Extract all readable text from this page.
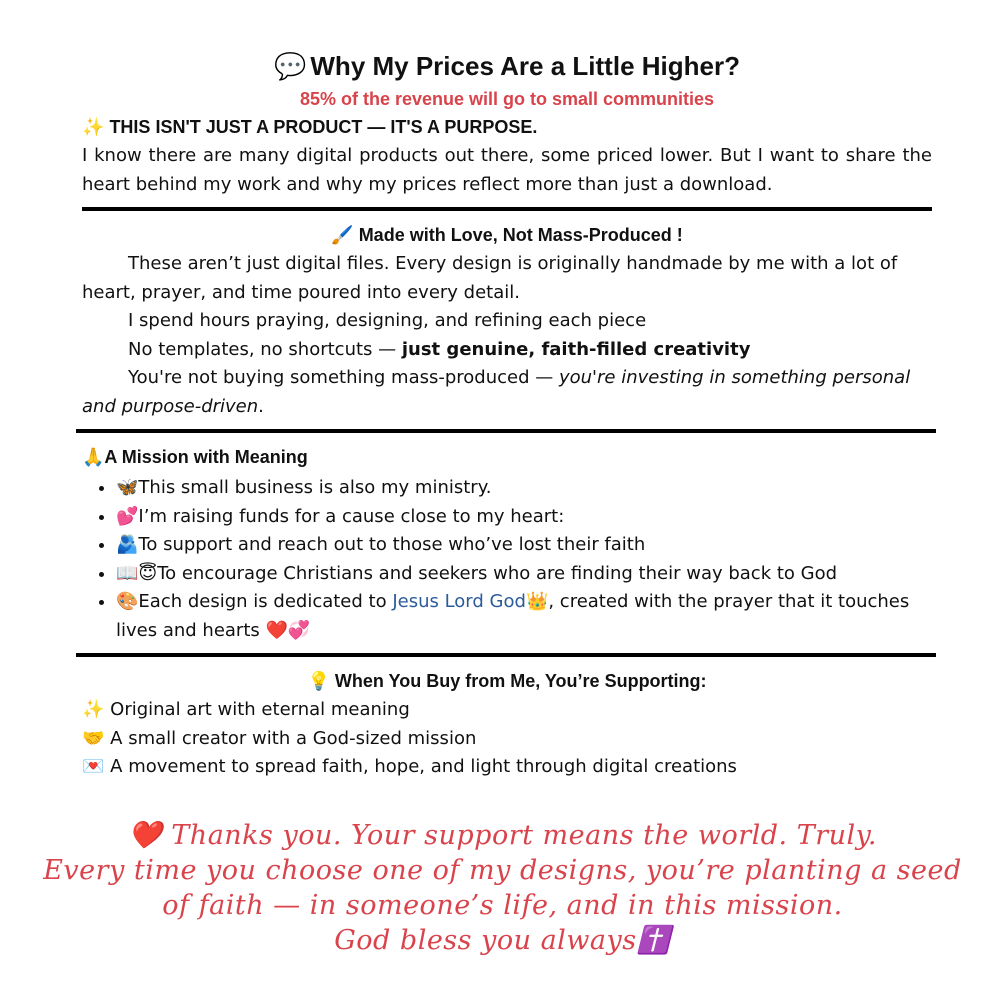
💬 Why My Prices Are a Little Higher?

85% of the revenue will go to small communities

✨ THIS ISN'T JUST A PRODUCT — IT'S A PURPOSE.

I know there are many digital products out there, some priced lower. But I want to share the heart behind my work and why my prices reflect more than just a download.

🖌️ Made with Love, Not Mass-Produced !

These aren’t just digital files. Every design is originally handmade by me with a lot of heart, prayer, and time poured into every detail.

I spend hours praying, designing, and refining each piece

No templates, no shortcuts — just genuine, faith-filled creativity

You're not buying something mass-produced — you're investing in something personal and purpose-driven.

🙏A Mission with Meaning

• 🦋This small business is also my ministry.
• 💕I’m raising funds for a cause close to my heart:
• 🫂To support and reach out to those who’ve lost their faith
• 📖😇To encourage Christians and seekers who are finding their way back to God
• 🎨Each design is dedicated to Jesus Lord God👑, created with the prayer that it touches lives and hearts ❤️💞

💡 When You Buy from Me, You’re Supporting:

✨ Original art with eternal meaning

🤝 A small creator with a God-sized mission

💌 A movement to spread faith, hope, and light through digital creations

❤️ Thanks you. Your support means the world. Truly.

Every time you choose one of my designs, you’re planting a seed

of faith — in someone’s life, and in this mission.

God bless you always✝️
